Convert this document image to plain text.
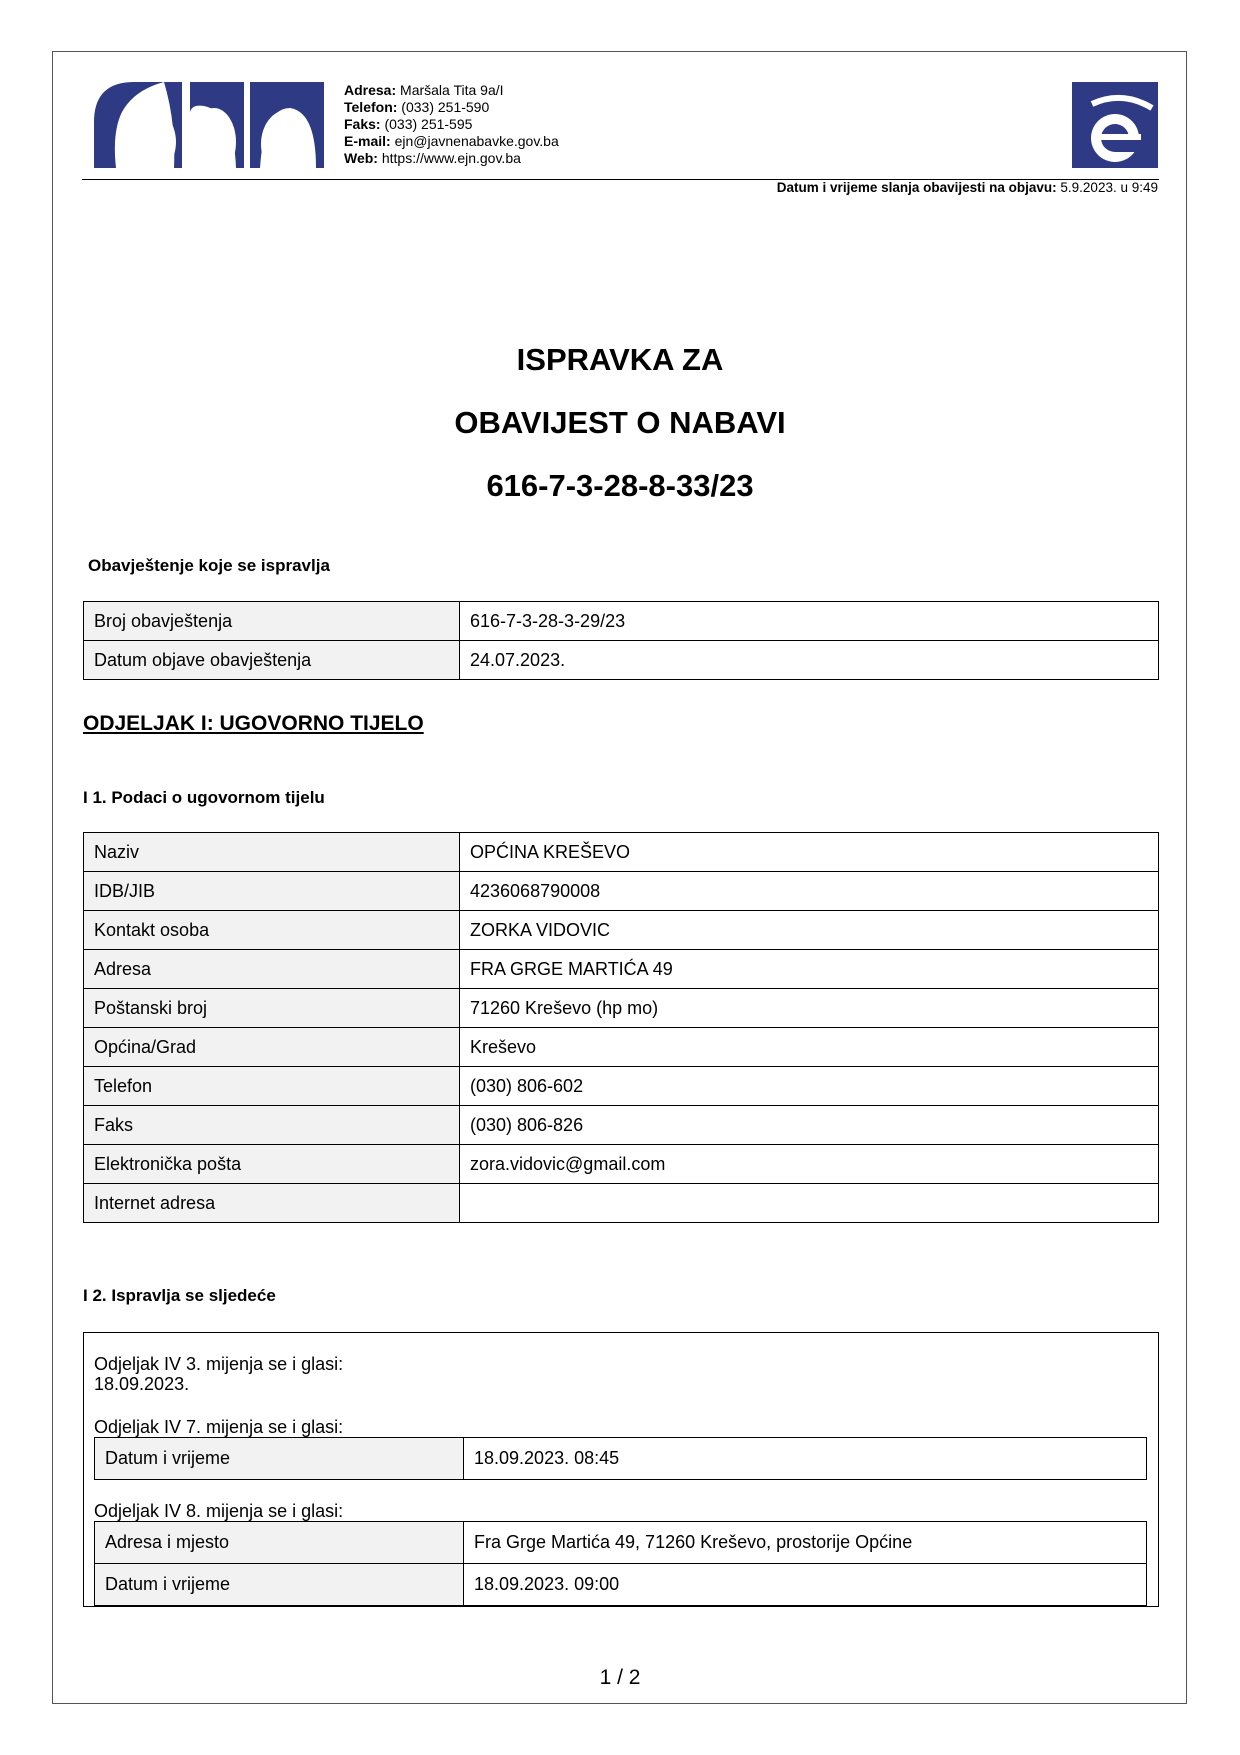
Adresa: Maršala Tita 9a/I
Telefon: (033) 251-590
Faks: (033) 251-595
E-mail: ejn@javnenabavke.gov.ba
Web: https://www.ejn.gov.ba
Datum i vrijeme slanja obavijesti na objavu: 5.9.2023. u 9:49
ISPRAVKA ZA
OBAVIJEST O NABAVI
616-7-3-28-8-33/23
Obavještenje koje se ispravlja
Broj obavještenja	616-7-3-28-3-29/23
Datum objave obavještenja	24.07.2023.
ODJELJAK I: UGOVORNO TIJELO
I 1. Podaci o ugovornom tijelu
Naziv	OPĆINA KREŠEVO
IDB/JIB	4236068790008
Kontakt osoba	ZORKA VIDOVIC
Adresa	FRA GRGE MARTIĆA 49
Poštanski broj	71260 Kreševo (hp mo)
Općina/Grad	Kreševo
Telefon	(030) 806-602
Faks	(030) 806-826
Elektronička pošta	zora.vidovic@gmail.com
Internet adresa	
I 2. Ispravlja se sljedeće
Odjeljak IV 3. mijenja se i glasi:
18.09.2023.
Odjeljak IV 7. mijenja se i glasi:
Datum i vrijeme	18.09.2023. 08:45
Odjeljak IV 8. mijenja se i glasi:
Adresa i mjesto	Fra Grge Martića 49, 71260 Kreševo, prostorije Općine
Datum i vrijeme	18.09.2023. 09:00
1 / 2
